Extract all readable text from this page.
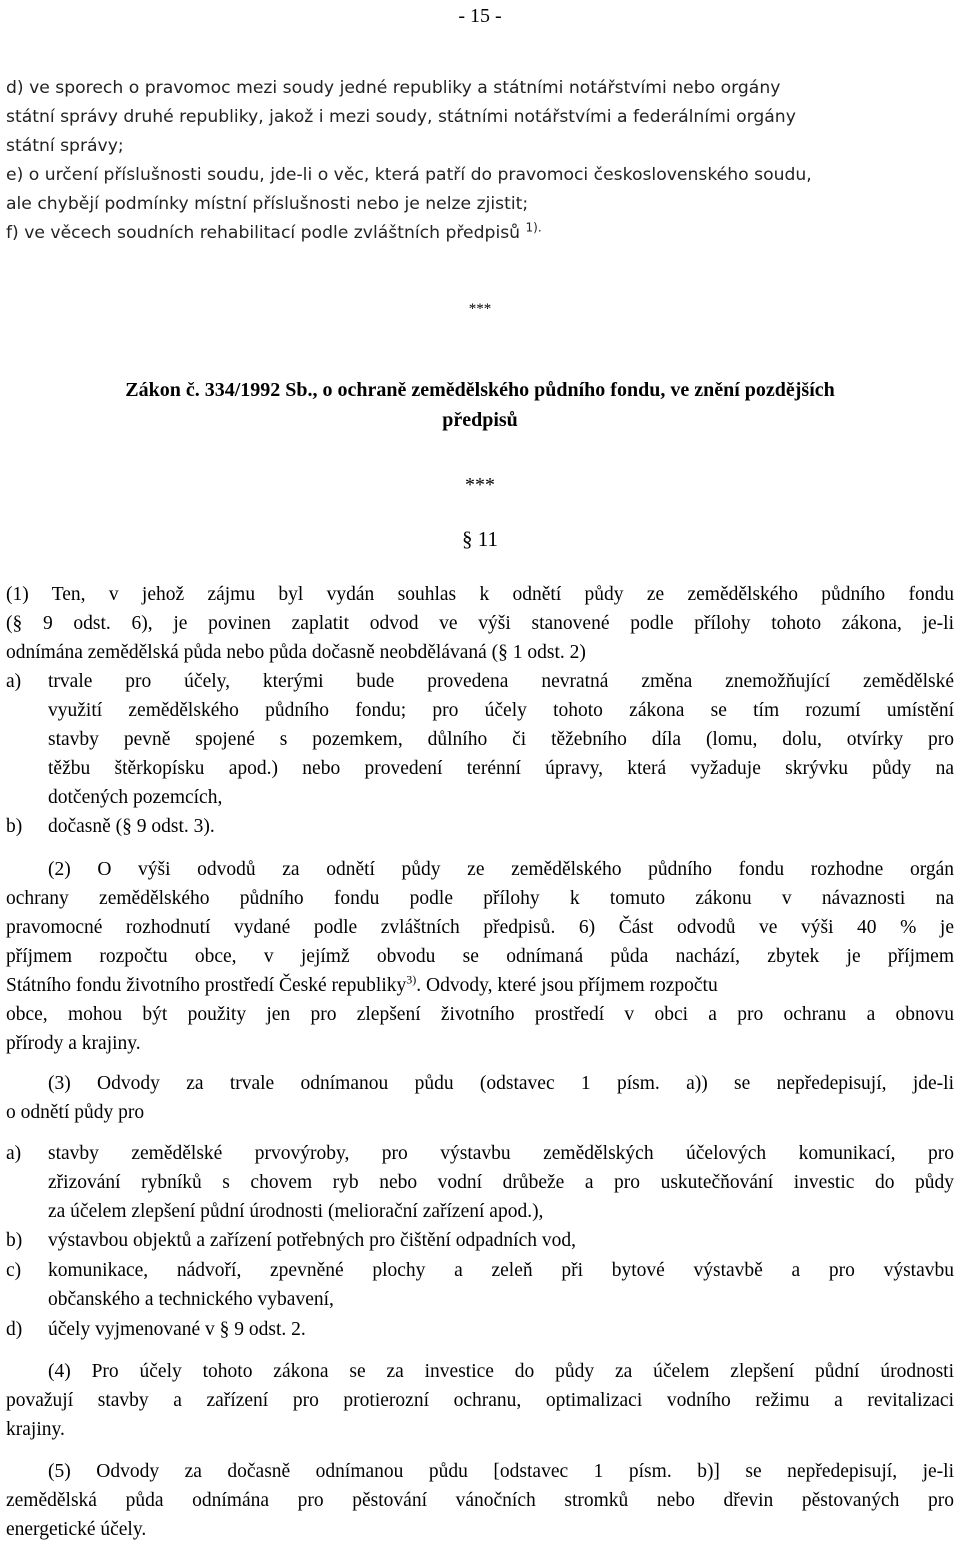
- 15 -
d) ve sporech o pravomoc mezi soudy jedné republiky a státními notářstvími nebo orgány
státní správy druhé republiky, jakož i mezi soudy, státními notářstvími a federálními orgány
státní správy;
e) o určení příslušnosti soudu, jde-li o věc, která patří do pravomoci československého soudu,
ale chybějí podmínky místní příslušnosti nebo je nelze zjistit;
f) ve věcech soudních rehabilitací podle zvláštních předpisů $^{1).}$
***
Zákon č. 334/1992 Sb., o ochraně zemědělského půdního fondu, ve znění pozdějších
předpisů
***
§ 11
(1) Ten, v jehož zájmu byl vydán souhlas k odnětí půdy ze zemědělského půdního fondu
(§ 9 odst. 6), je povinen zaplatit odvod ve výši stanovené podle přílohy tohoto zákona, je-li
odnímána zemědělská půda nebo půda dočasně neobdělávaná (§ 1 odst. 2)
a) trvale pro účely, kterými bude provedena nevratná změna znemožňující zemědělské
využití zemědělského půdního fondu; pro účely tohoto zákona se tím rozumí umístění
stavby pevně spojené s pozemkem, důlního či těžebního díla (lomu, dolu, otvírky pro
těžbu štěrkopísku apod.) nebo provedení terénní úpravy, která vyžaduje skrývku půdy na
dotčených pozemcích,
b) dočasně (§ 9 odst. 3).
(2) O výši odvodů za odnětí půdy ze zemědělského půdního fondu rozhodne orgán
ochrany zemědělského půdního fondu podle přílohy k tomuto zákonu v návaznosti na
pravomocné rozhodnutí vydané podle zvláštních předpisů. 6) Část odvodů ve výši 40 % je
příjmem rozpočtu obce, v jejímž obvodu se odnímaná půda nachází, zbytek je příjmem
Státního fondu životního prostředí České republiky$^{3)}$. Odvody, které jsou příjmem rozpočtu
obce, mohou být použity jen pro zlepšení životního prostředí v obci a pro ochranu a obnovu
přírody a krajiny.
(3) Odvody za trvale odnímanou půdu (odstavec 1 písm. a)) se nepředepisují, jde-li
o odnětí půdy pro
a) stavby zemědělské prvovýroby, pro výstavbu zemědělských účelových komunikací, pro
zřizování rybníků s chovem ryb nebo vodní drůbeže a pro uskutečňování investic do půdy
za účelem zlepšení půdní úrodnosti (meliorační zařízení apod.),
b) výstavbou objektů a zařízení potřebných pro čištění odpadních vod,
c) komunikace, nádvoří, zpevněné plochy a zeleň při bytové výstavbě a pro výstavbu
občanského a technického vybavení,
d) účely vyjmenované v § 9 odst. 2.
(4) Pro účely tohoto zákona se za investice do půdy za účelem zlepšení půdní úrodnosti
považují stavby a zařízení pro protierozní ochranu, optimalizaci vodního režimu a revitalizaci
krajiny.
(5) Odvody za dočasně odnímanou půdu [odstavec 1 písm. b)] se nepředepisují, je-li
zemědělská půda odnímána pro pěstování vánočních stromků nebo dřevin pěstovaných pro
energetické účely.
